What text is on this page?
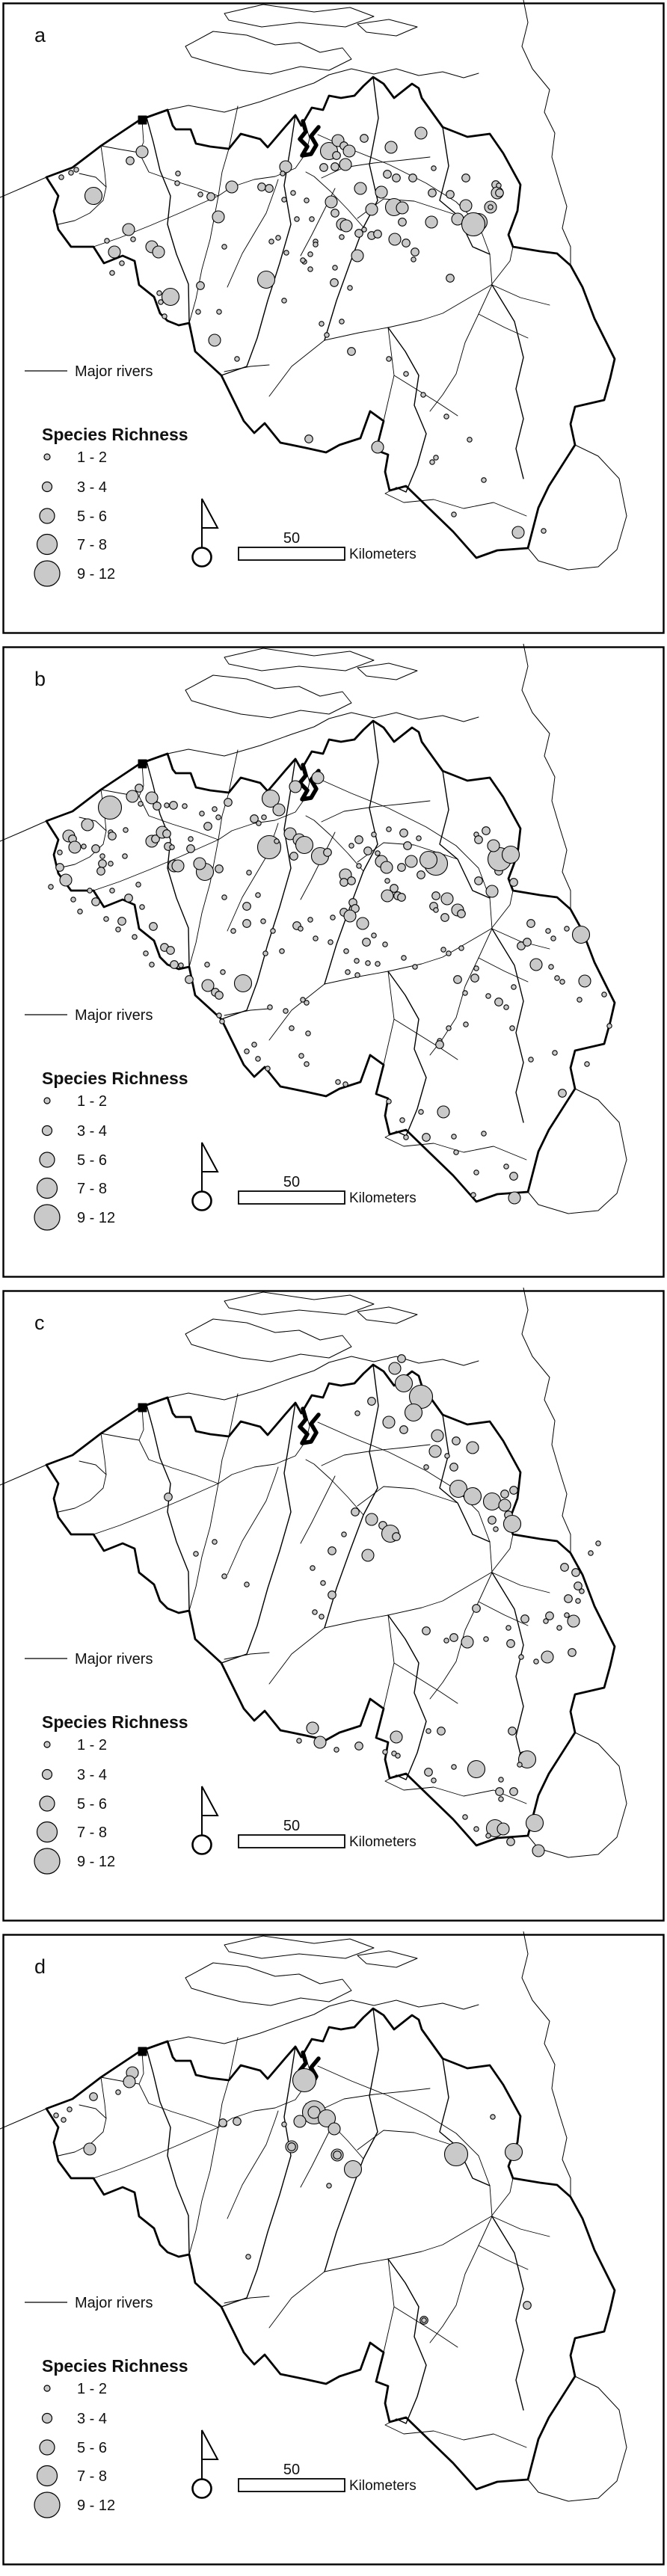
a
Major rivers
Species Richness
1 - 2
3 - 4
5 - 6
7 - 8
9 - 12
50
Kilometers
b
Major rivers
Species Richness
1 - 2
3 - 4
5 - 6
7 - 8
9 - 12
50
Kilometers
c
Major rivers
Species Richness
1 - 2
3 - 4
5 - 6
7 - 8
9 - 12
50
Kilometers
d
Major rivers
Species Richness
1 - 2
3 - 4
5 - 6
7 - 8
9 - 12
50
Kilometers
